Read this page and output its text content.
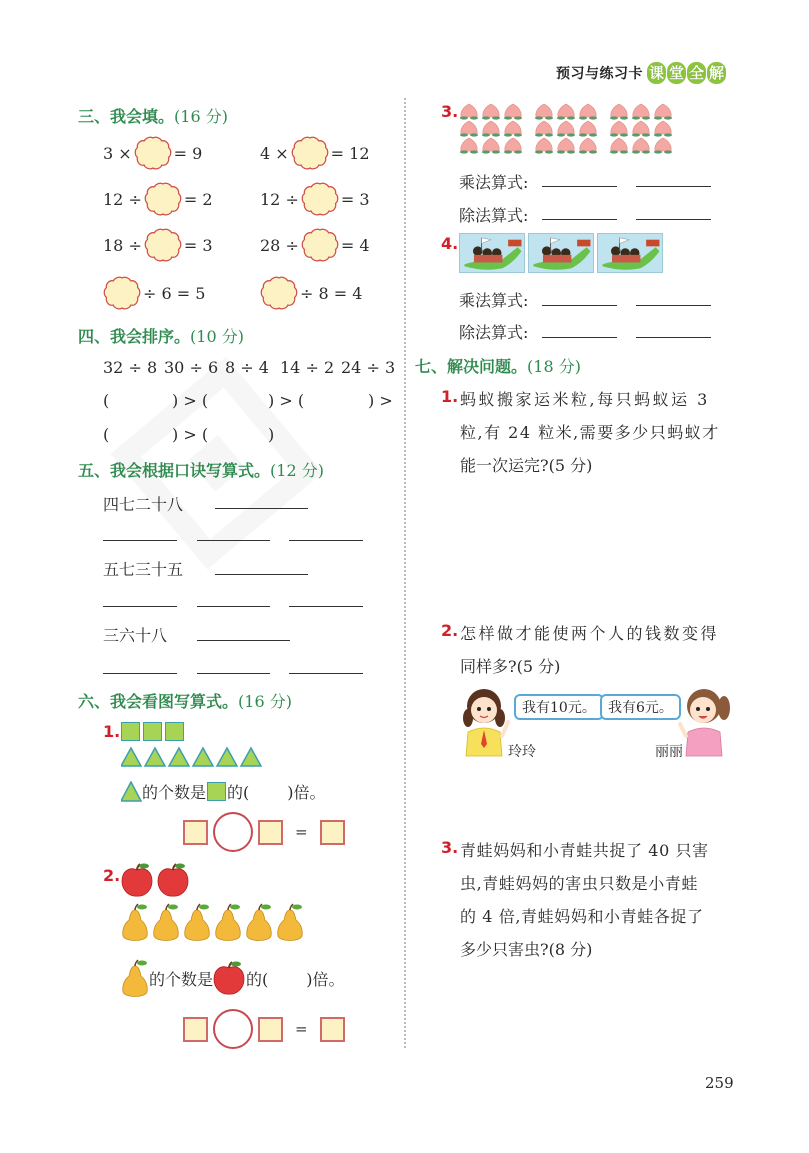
预习与练习卡 课 堂 全 解
三、我会填。(16 分)
3 ×	= 9	4 ×	= 12
12 ÷	= 2	12 ÷	= 3
18 ÷	= 3	28 ÷	= 4
÷ 6 = 5	÷ 8 = 4
四、我会排序。(10 分)
32 ÷ 8 30 ÷ 6 8 ÷ 4 14 ÷ 2 24 ÷ 3
(	) > (	) > (	) >
(	) > (	)
五、我会根据口诀写算式。(12 分)
四七二十八
五七三十五
三六十八
六、我会看图写算式。(16 分)
1.
的个数是 的( )倍。
=
2.
的个数是 的( )倍。
=
3.
乘法算式:
除法算式:
4.
乘法算式:
除法算式:
七、解决问题。(18 分)
1. 蚂蚁搬家运米粒,每只蚂蚁运 3
粒,有 24 粒米,需要多少只蚂蚁才
能一次运完?(5 分)
2. 怎样做才能使两个人的钱数变得
同样多?(5 分)
我有10元。 我有6元。
玲玲	丽丽
3. 青蛙妈妈和小青蛙共捉了 40 只害
虫,青蛙妈妈的害虫只数是小青蛙
的 4 倍,青蛙妈妈和小青蛙各捉了
多少只害虫?(8 分)
259
